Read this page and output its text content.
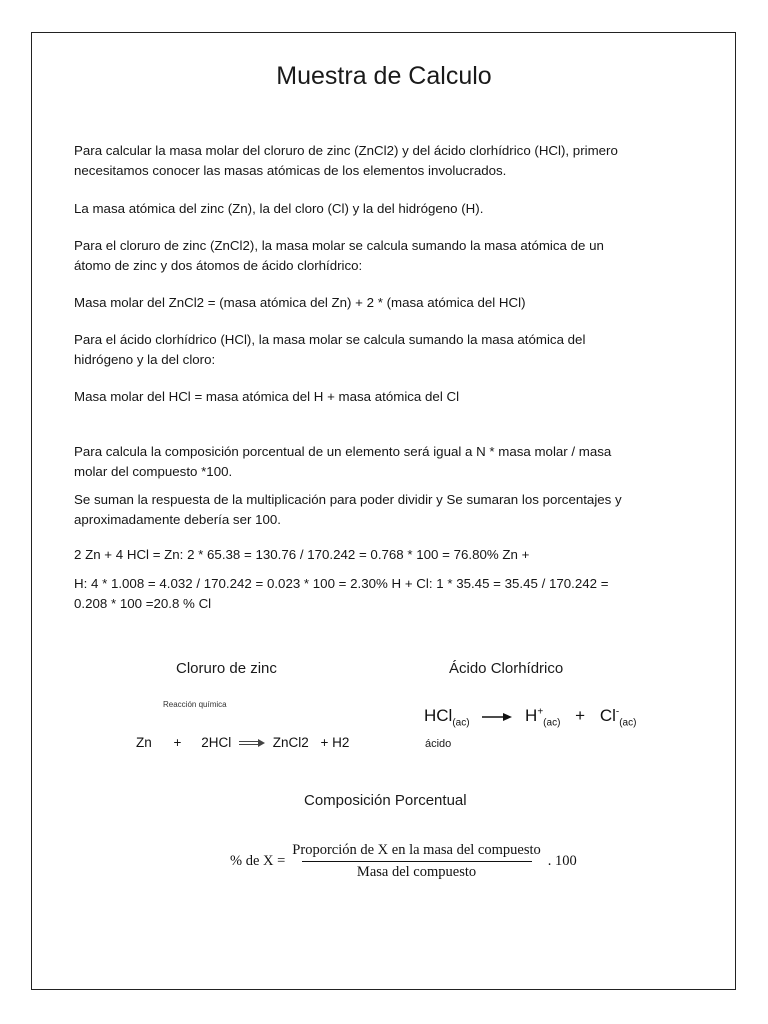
Muestra de Calculo
Para calcular la masa molar del cloruro de zinc (ZnCl2) y del ácido clorhídrico (HCl), primero necesitamos conocer las masas atómicas de los elementos involucrados.
La masa atómica del zinc (Zn), la del cloro (Cl) y la del hidrógeno (H).
Para el cloruro de zinc (ZnCl2), la masa molar se calcula sumando la masa atómica de un átomo de zinc y dos átomos de ácido clorhídrico:
Masa molar del ZnCl2 = (masa atómica del Zn) + 2 * (masa atómica del HCl)
Para el ácido clorhídrico (HCl), la masa molar se calcula sumando la masa atómica del hidrógeno y la del cloro:
Masa molar del HCl = masa atómica del H + masa atómica del Cl
Para calcula la composición porcentual de un elemento será igual a N * masa molar / masa molar del compuesto *100.
Se suman la respuesta de la multiplicación para poder dividir y Se sumaran los porcentajes y aproximadamente debería ser 100.
2 Zn + 4 HCl = Zn: 2 * 65.38 = 130.76 / 170.242 = 0.768 * 100 = 76.80% Zn +
H: 4 * 1.008 = 4.032 / 170.242 = 0.023 * 100 = 2.30% H + Cl: 1 * 35.45 = 35.45 / 170.242 = 0.208 * 100 =20.8 % Cl
Cloruro de zinc
Reacción química
Zn + 2HCl	ZnCl2 + H2
Ácido Clorhídrico
HCl$_{(ac)}$	$H^+_{(ac)} + Cl^-_{(ac)}$
ácido
Composición Porcentual
% de $X = \frac{\text{Proporción de X en la masa del compuesto}}{\text{Masa del compuesto}}$ . 100
